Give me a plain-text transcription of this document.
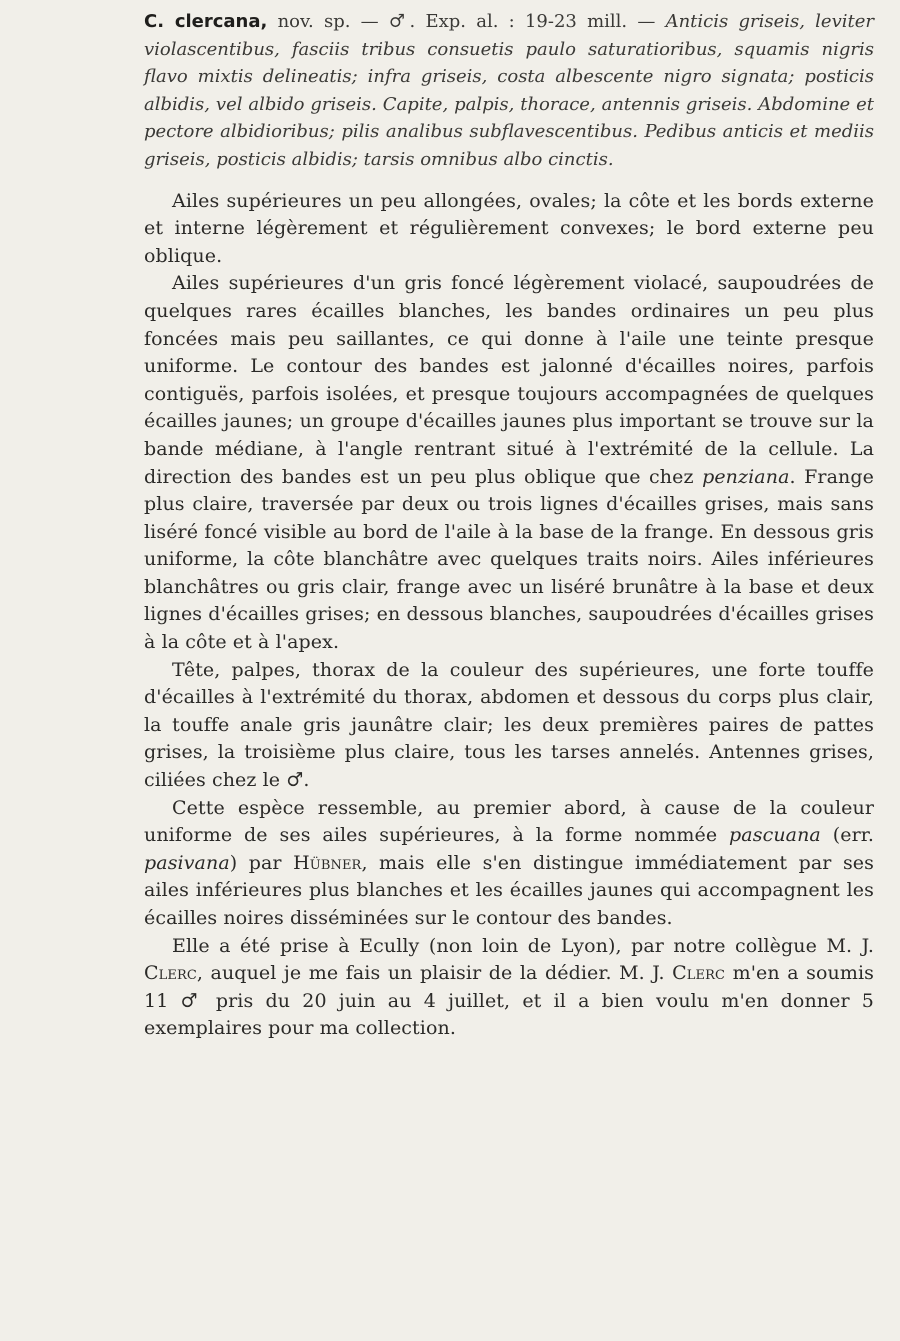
C. clercana, nov. sp. — ♂. Exp. al. : 19-23 mill. — Anticis griseis, leviter violascentibus, fasciis tribus consuetis paulo saturatioribus, squamis nigris flavo mixtis delineatis; infra griseis, costa albescente nigro signata; posticis albidis, vel albido griseis. Capite, palpis, thorace, antennis griseis. Abdomine et pectore albidioribus; pilis analibus subflavescentibus. Pedibus anticis et mediis griseis, posticis albidis; tarsis omnibus albo cinctis.

Ailes supérieures un peu allongées, ovales; la côte et les bords externe et interne légèrement et régulièrement convexes; le bord externe peu oblique.

Ailes supérieures d'un gris foncé légèrement violacé, saupoudrées de quelques rares écailles blanches, les bandes ordinaires un peu plus foncées mais peu saillantes, ce qui donne à l'aile une teinte presque uniforme. Le contour des bandes est jalonné d'écailles noires, parfois contiguës, parfois isolées, et presque toujours accompagnées de quelques écailles jaunes; un groupe d'écailles jaunes plus important se trouve sur la bande médiane, à l'angle rentrant situé à l'extrémité de la cellule. La direction des bandes est un peu plus oblique que chez penziana. Frange plus claire, traversée par deux ou trois lignes d'écailles grises, mais sans liséré foncé visible au bord de l'aile à la base de la frange. En dessous gris uniforme, la côte blanchâtre avec quelques traits noirs. Ailes inférieures blanchâtres ou gris clair, frange avec un liséré brunâtre à la base et deux lignes d'écailles grises; en dessous blanches, saupoudrées d'écailles grises à la côte et à l'apex.

Tête, palpes, thorax de la couleur des supérieures, une forte touffe d'écailles à l'extrémité du thorax, abdomen et dessous du corps plus clair, la touffe anale gris jaunâtre clair; les deux premières paires de pattes grises, la troisième plus claire, tous les tarses annelés. Antennes grises, ciliées chez le ♂.

Cette espèce ressemble, au premier abord, à cause de la couleur uniforme de ses ailes supérieures, à la forme nommée pascuana (err. pasivana) par Hübner, mais elle s'en distingue immédiatement par ses ailes inférieures plus blanches et les écailles jaunes qui accompagnent les écailles noires disséminées sur le contour des bandes.

Elle a été prise à Ecully (non loin de Lyon), par notre collègue M. J. Clerc, auquel je me fais un plaisir de la dédier. M. J. Clerc m'en a soumis 11 ♂ pris du 20 juin au 4 juillet, et il a bien voulu m'en donner 5 exemplaires pour ma collection.
